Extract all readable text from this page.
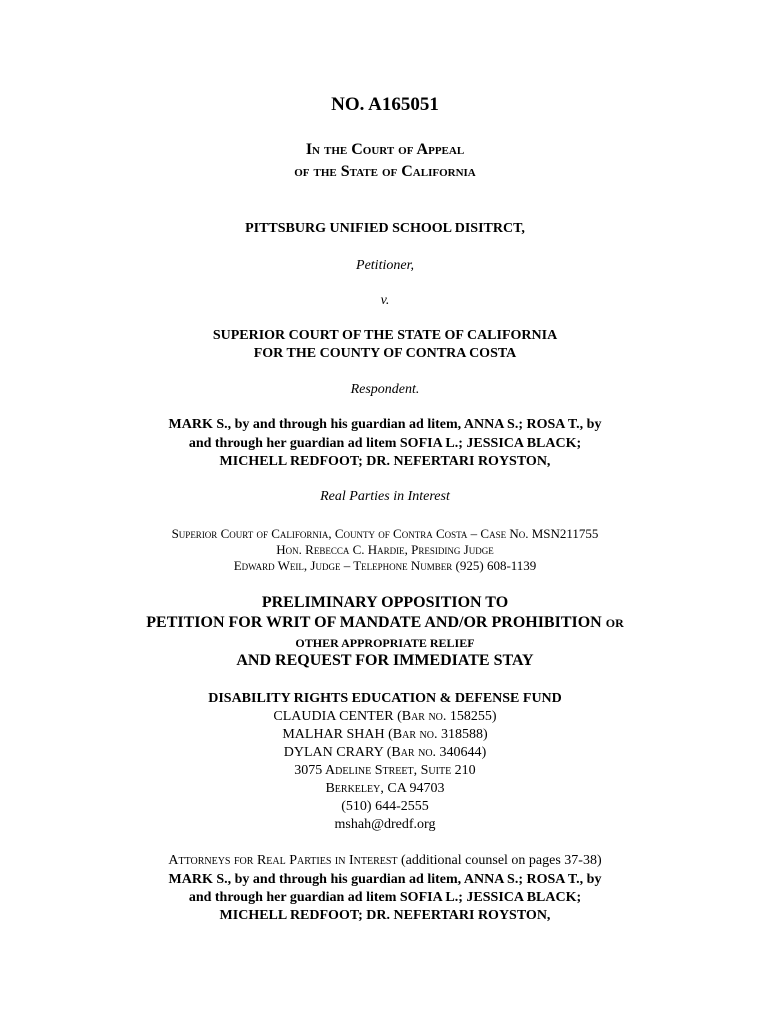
NO. A165051
In the Court of Appeal
of the State of California
PITTSBURG UNIFIED SCHOOL DISITRCT,
Petitioner,
v.
SUPERIOR COURT OF THE STATE OF CALIFORNIA
FOR THE COUNTY OF CONTRA COSTA
Respondent.
MARK S., by and through his guardian ad litem, ANNA S.; ROSA T., by
and through her guardian ad litem SOFIA L.; JESSICA BLACK;
MICHELL REDFOOT; DR. NEFERTARI ROYSTON,
Real Parties in Interest
Superior Court of California, County of Contra Costa – Case No. MSN211755
Hon. Rebecca C. Hardie, Presiding Judge
Edward Weil, Judge – Telephone Number (925) 608-1139
PRELIMINARY OPPOSITION TO
PETITION FOR WRIT OF MANDATE AND/OR PROHIBITION OR
OTHER APPROPRIATE RELIEF
AND REQUEST FOR IMMEDIATE STAY
DISABILITY RIGHTS EDUCATION & DEFENSE FUND
CLAUDIA CENTER (Bar no. 158255)
MALHAR SHAH (Bar no. 318588)
DYLAN CRARY (Bar no. 340644)
3075 Adeline Street, Suite 210
Berkeley, CA 94703
(510) 644-2555
mshah@dredf.org
Attorneys for Real Parties in Interest (additional counsel on pages 37-38)
MARK S., by and through his guardian ad litem, ANNA S.; ROSA T., by
and through her guardian ad litem SOFIA L.; JESSICA BLACK;
MICHELL REDFOOT; DR. NEFERTARI ROYSTON,
